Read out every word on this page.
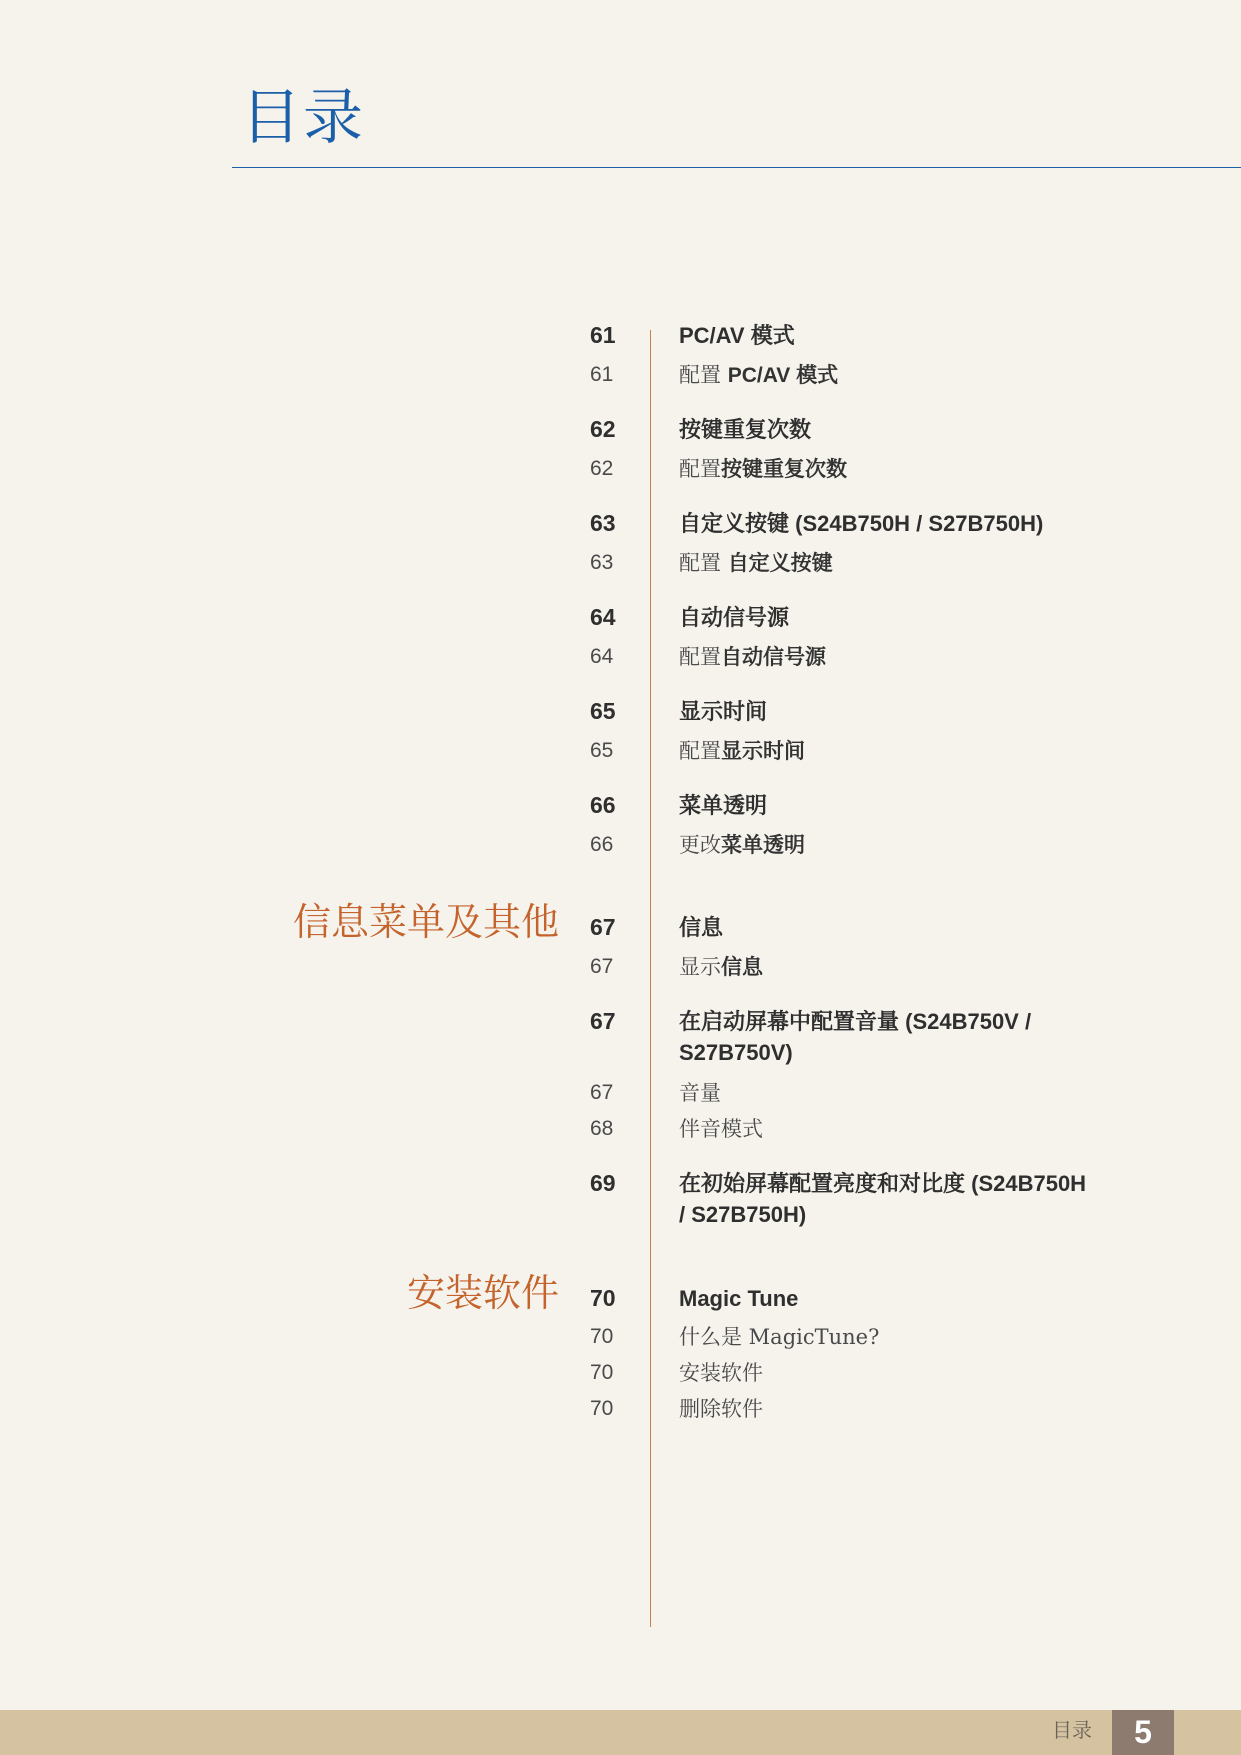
目录
信息菜单及其他
安装软件
61	PC/AV 模式
61	配置 PC/AV 模式
62	按键重复次数
62	配置按键重复次数
63	自定义按键 (S24B750H / S27B750H)
63	配置 自定义按键
64	自动信号源
64	配置自动信号源
65	显示时间
65	配置显示时间
66	菜单透明
66	更改菜单透明
67	信息
67	显示信息
67	在启动屏幕中配置音量 (S24B750V /
S27B750V)
67	音量
68	伴音模式
69	在初始屏幕配置亮度和对比度 (S24B750H
/ S27B750H)
70	Magic Tune
70	什么是 MagicTune?
70	安装软件
70	删除软件
目录	5
